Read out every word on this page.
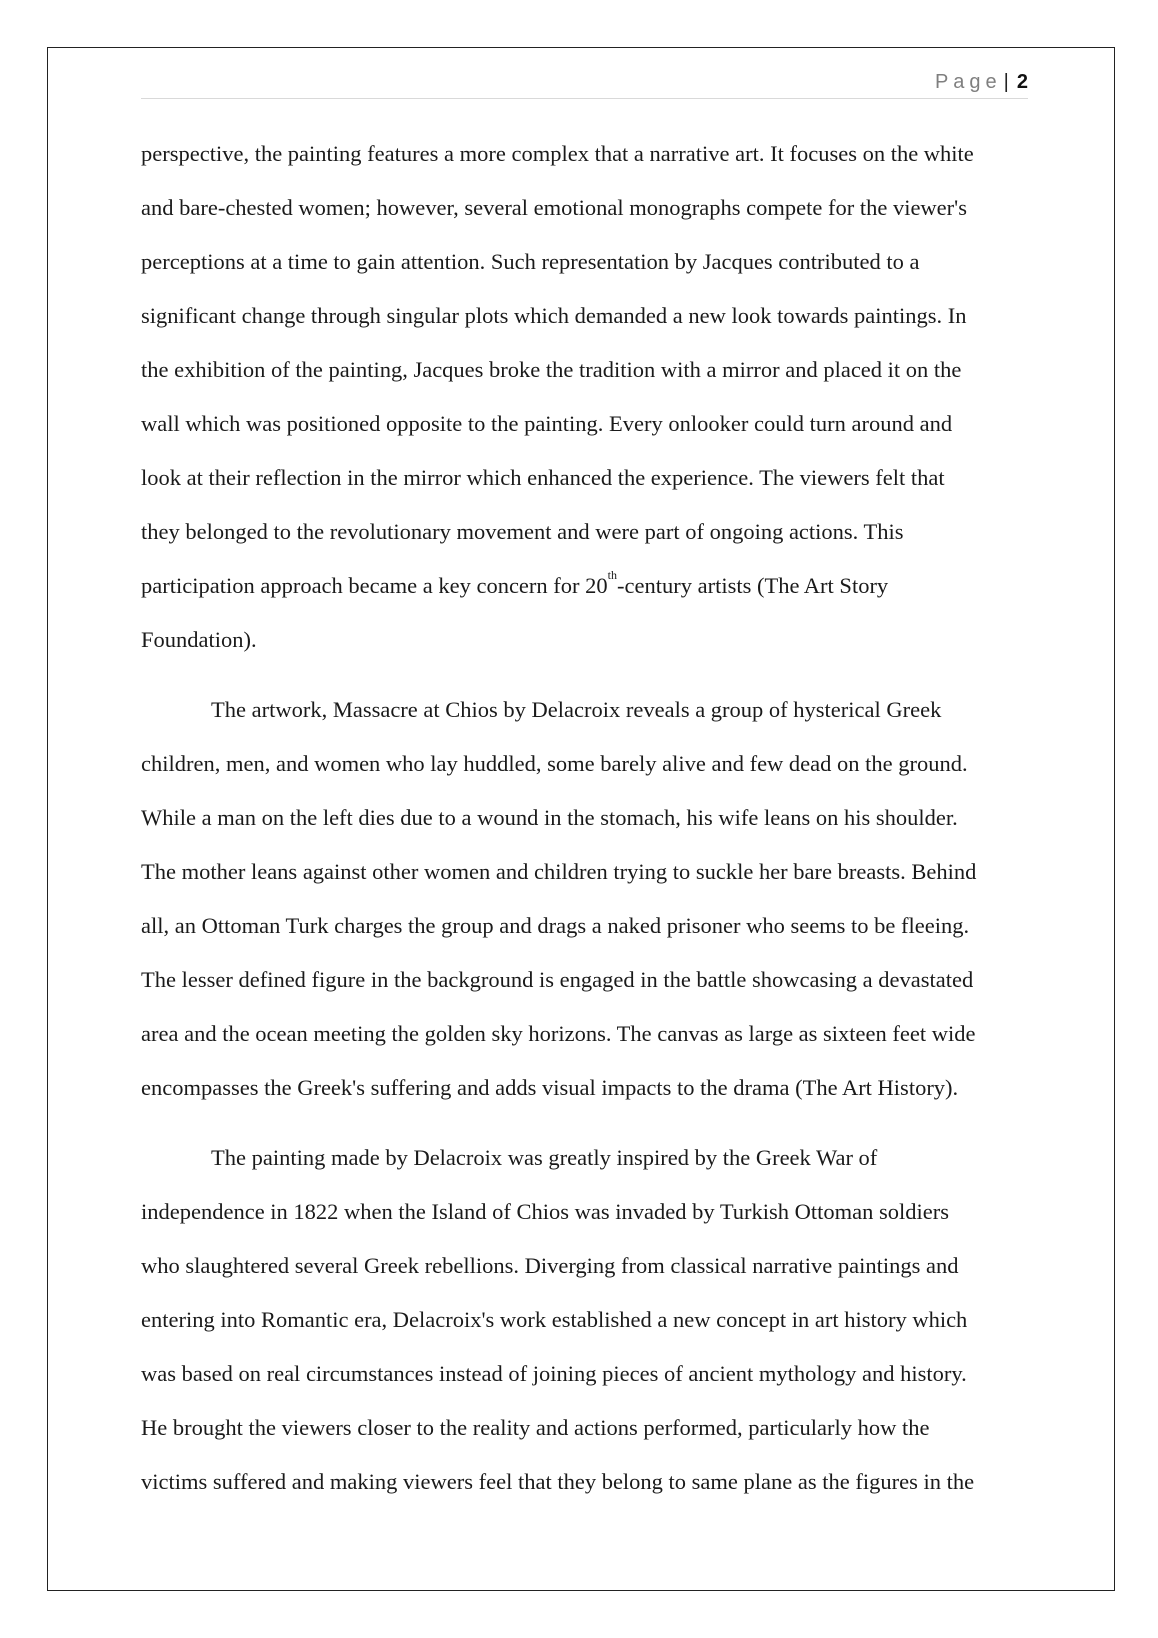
Page | 2
perspective, the painting features a more complex that a narrative art. It focuses on the white
and bare-chested women; however, several emotional monographs compete for the viewer's
perceptions at a time to gain attention. Such representation by Jacques contributed to a
significant change through singular plots which demanded a new look towards paintings. In
the exhibition of the painting, Jacques broke the tradition with a mirror and placed it on the
wall which was positioned opposite to the painting. Every onlooker could turn around and
look at their reflection in the mirror which enhanced the experience. The viewers felt that
they belonged to the revolutionary movement and were part of ongoing actions. This
participation approach became a key concern for 20th-century artists (The Art Story
Foundation).
The artwork, Massacre at Chios by Delacroix reveals a group of hysterical Greek
children, men, and women who lay huddled, some barely alive and few dead on the ground.
While a man on the left dies due to a wound in the stomach, his wife leans on his shoulder.
The mother leans against other women and children trying to suckle her bare breasts. Behind
all, an Ottoman Turk charges the group and drags a naked prisoner who seems to be fleeing.
The lesser defined figure in the background is engaged in the battle showcasing a devastated
area and the ocean meeting the golden sky horizons. The canvas as large as sixteen feet wide
encompasses the Greek's suffering and adds visual impacts to the drama (The Art History).
The painting made by Delacroix was greatly inspired by the Greek War of
independence in 1822 when the Island of Chios was invaded by Turkish Ottoman soldiers
who slaughtered several Greek rebellions. Diverging from classical narrative paintings and
entering into Romantic era, Delacroix's work established a new concept in art history which
was based on real circumstances instead of joining pieces of ancient mythology and history.
He brought the viewers closer to the reality and actions performed, particularly how the
victims suffered and making viewers feel that they belong to same plane as the figures in the
